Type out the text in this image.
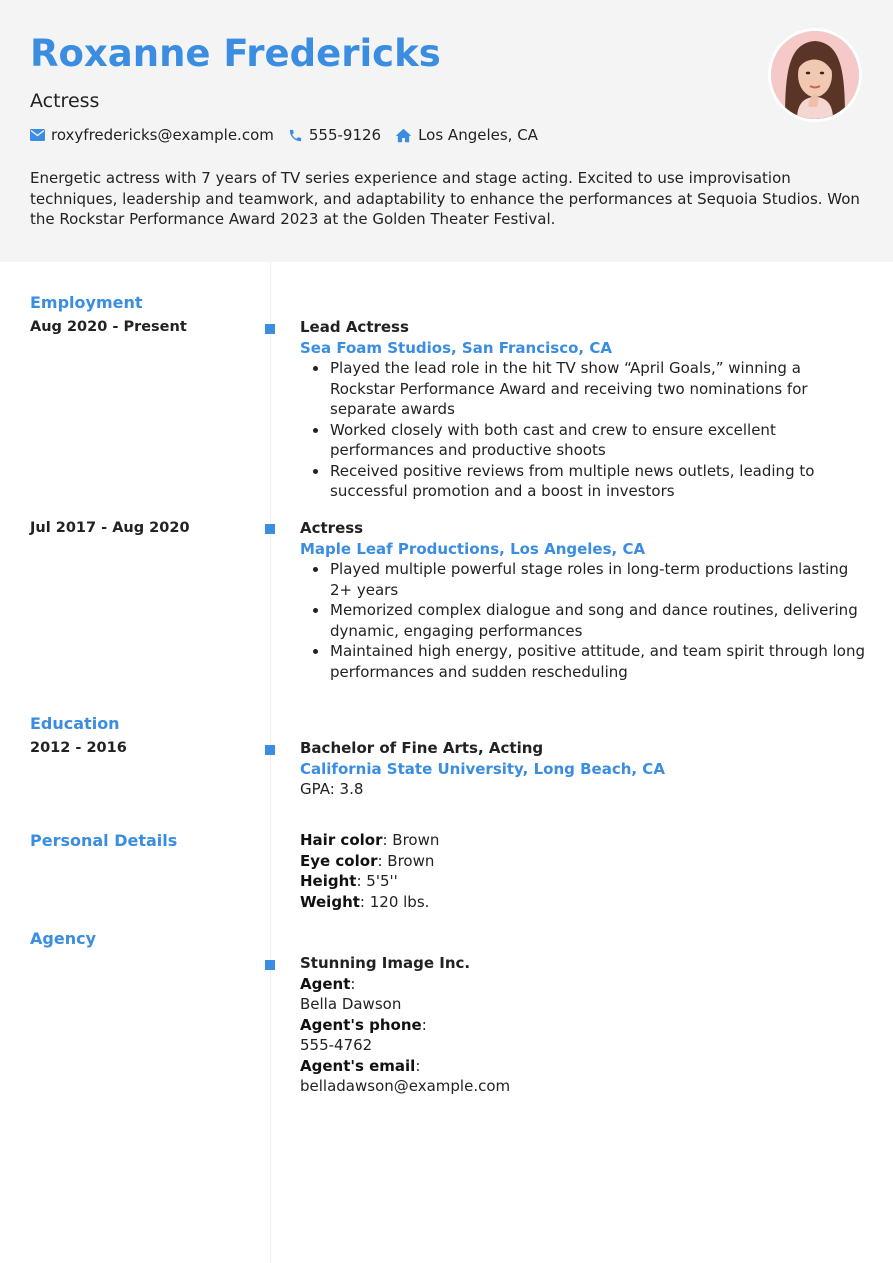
Roxanne Fredericks
Actress
roxyfredericks@example.com 555-9126 Los Angeles, CA
Energetic actress with 7 years of TV series experience and stage acting. Excited to use improvisation techniques, leadership and teamwork, and adaptability to enhance the performances at Sequoia Studios. Won the Rockstar Performance Award 2023 at the Golden Theater Festival.
Employment
Aug 2020 - Present	Lead Actress
Sea Foam Studios, San Francisco, CA
Played the lead role in the hit TV show “April Goals,” winning a Rockstar Performance Award and receiving two nominations for separate awards
Worked closely with both cast and crew to ensure excellent performances and productive shoots
Received positive reviews from multiple news outlets, leading to successful promotion and a boost in investors
Jul 2017 - Aug 2020	Actress
Maple Leaf Productions, Los Angeles, CA
Played multiple powerful stage roles in long-term productions lasting 2+ years
Memorized complex dialogue and song and dance routines, delivering dynamic, engaging performances
Maintained high energy, positive attitude, and team spirit through long performances and sudden rescheduling
Education
2012 - 2016	Bachelor of Fine Arts, Acting
California State University, Long Beach, CA
GPA: 3.8
Personal Details	Hair color: Brown
Eye color: Brown
Height: 5'5''
Weight: 120 lbs.
Agency
Stunning Image Inc.
Agent:
Bella Dawson
Agent's phone:
555-4762
Agent's email:
belladawson@example.com
